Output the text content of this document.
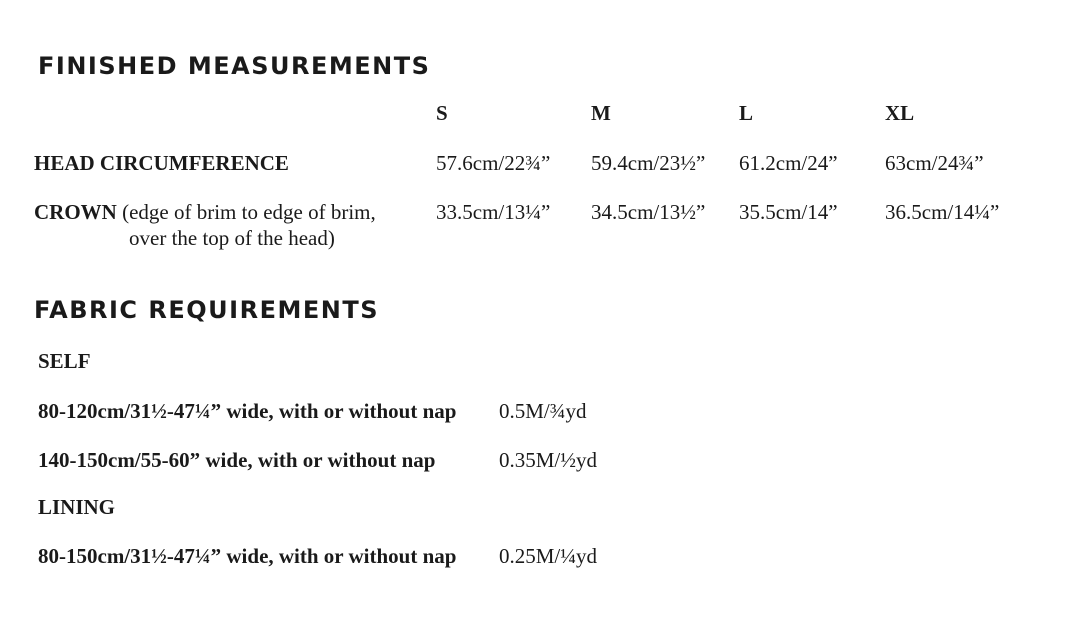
FINISHED MEASUREMENTS
S	M	L	XL
HEAD CIRCUMFERENCE	57.6cm/22¾” 59.4cm/23½” 61.2cm/24” 63cm/24¾”
CROWN (edge of brim to edge of brim,
over the top of the head)
33.5cm/13¼” 34.5cm/13½” 35.5cm/14” 36.5cm/14¼”
FABRIC REQUIREMENTS
SELF
80-120cm/31½-47¼” wide, with or without nap 0.5M/¾yd
140-150cm/55-60” wide, with or without nap	0.35M/½yd
LINING
80-150cm/31½-47¼” wide, with or without nap 0.25M/¼yd
